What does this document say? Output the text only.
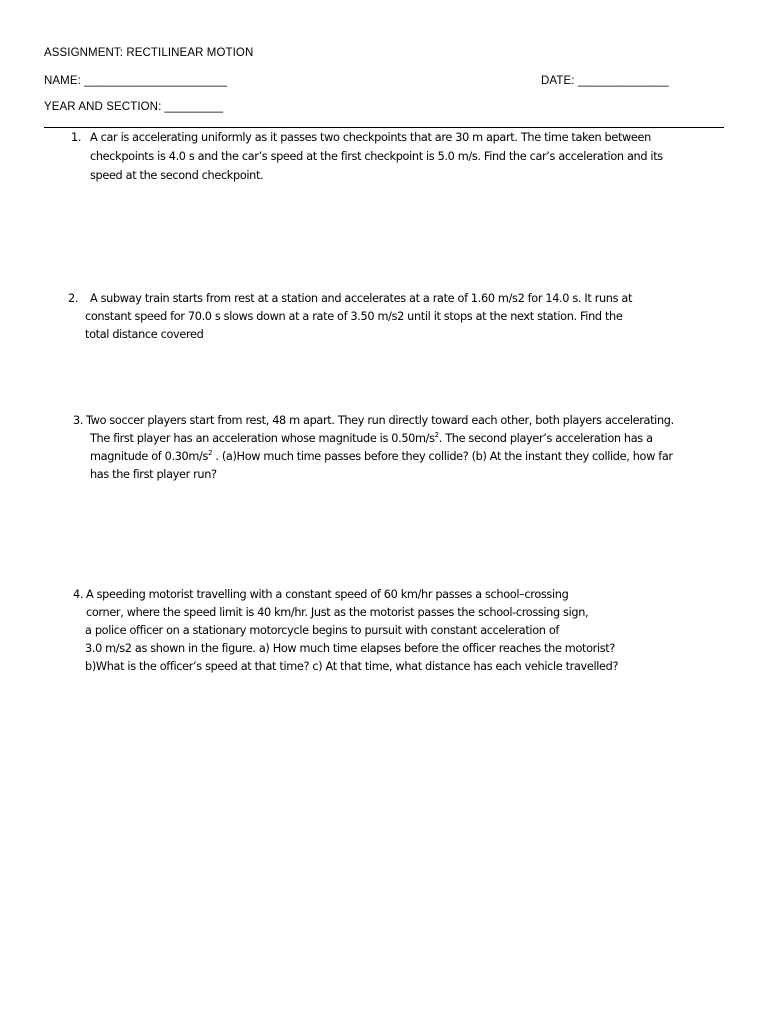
ASSIGNMENT: RECTILINEAR MOTION
NAME: ______________________	DATE: ______________
YEAR AND SECTION: _________
1. A car is accelerating uniformly as it passes two checkpoints that are 30 m apart. The time taken between
checkpoints is 4.0 s and the car’s speed at the first checkpoint is 5.0 m/s. Find the car’s acceleration and its
speed at the second checkpoint.
2. A subway train starts from rest at a station and accelerates at a rate of 1.60 m/s2 for 14.0 s. It runs at
constant speed for 70.0 s slows down at a rate of 3.50 m/s2 until it stops at the next station. Find the
total distance covered
3. Two soccer players start from rest, 48 m apart. They run directly toward each other, both players accelerating.
The first player has an acceleration whose magnitude is $0.50m/s^2$. The second player’s acceleration has a
magnitude of $0.30m/s^2$ . (a)How much time passes before they collide? (b) At the instant they collide, how far
has the first player run?
4. A speeding motorist travelling with a constant speed of 60 km/hr passes a school–crossing
corner, where the speed limit is 40 km/hr. Just as the motorist passes the school-crossing sign,
a police officer on a stationary motorcycle begins to pursuit with constant acceleration of
3.0 m/s2 as shown in the figure. a) How much time elapses before the officer reaches the motorist?
b)What is the officer’s speed at that time? c) At that time, what distance has each vehicle travelled?
